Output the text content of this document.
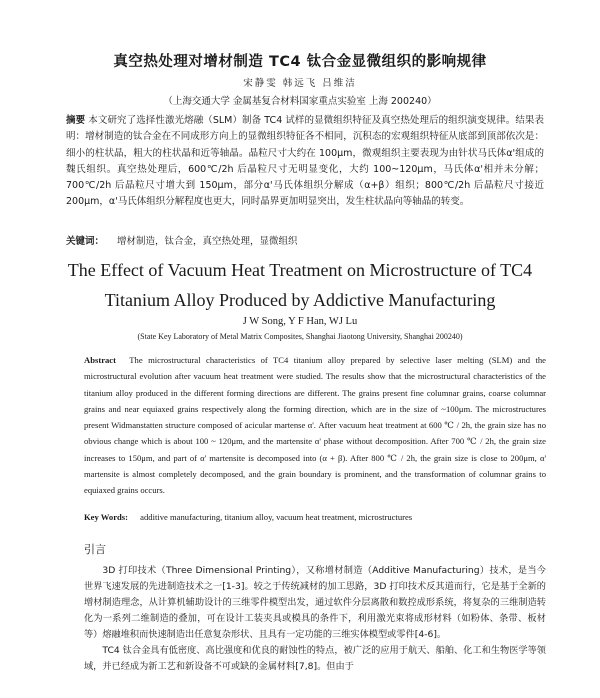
真空热处理对增材制造 TC4 钛合金显微组织的影响规律
宋静雯 韩远飞 吕维洁
（上海交通大学 金属基复合材料国家重点实验室 上海 200240）
摘要 本文研究了选择性激光熔融（SLM）制备 TC4 试样的显微组织特征及真空热处理后的组织演变规律。结果表明：增材制造的钛合金在不同成形方向上的显微组织特征各不相同，沉积态的宏观组织特征从底部到顶部依次是：细小的柱状晶，粗大的柱状晶和近等轴晶。晶粒尺寸大约在 100μm，微观组织主要表现为由针状马氏体α'组成的魏氏组织。真空热处理后，600℃/2h 后晶粒尺寸无明显变化，大约 100~120μm，马氏体α'相并未分解；700℃/2h 后晶粒尺寸增大到 150μm，部分α'马氏体组织分解成（α+β）组织；800℃/2h 后晶粒尺寸接近 200μm，α'马氏体组织分解程度也更大，同时晶界更加明显突出，发生柱状晶向等轴晶的转变。
关键词： 增材制造，钛合金，真空热处理，显微组织
The Effect of Vacuum Heat Treatment on Microstructure of TC4
Titanium Alloy Produced by Addictive Manufacturing
J W Song, Y F Han, WJ Lu
(State Key Laboratory of Metal Matrix Composites, Shanghai Jiaotong University, Shanghai 200240)
Abstract The microstructural characteristics of TC4 titanium alloy prepared by selective laser melting (SLM) and the microstructural evolution after vacuum heat treatment were studied. The results show that the microstructural characteristics of the titanium alloy produced in the different forming directions are different. The grains present fine columnar grains, coarse columnar grains and near equiaxed grains respectively along the forming direction, which are in the size of ~100μm. The microstructures present Widmanstatten structure composed of acicular martense α'. After vacuum heat treatment at 600 ℃ / 2h, the grain size has no obvious change which is about 100 ~ 120μm, and the martensite α' phase without decomposition. After 700 ℃ / 2h, the grain size increases to 150μm, and part of α' martensite is decomposed into (α + β). After 800 ℃ / 2h, the grain size is close to 200μm, α' martensite is almost completely decomposed, and the grain boundary is prominent, and the transformation of columnar grains to equiaxed grains occurs.
Key Words: additive manufacturing, titanium alloy, vacuum heat treatment, microstructures
引言

3D 打印技术（Three Dimensional Printing），又称增材制造（Additive Manufacturing）技术，是当今世界飞速发展的先进制造技术之一[1-3]。较之于传统减材的加工思路，3D 打印技术反其道而行，它是基于全新的增材制造理念，从计算机辅助设计的三维零件模型出发，通过软件分层离散和数控成形系统，将复杂的三维制造转化为一系列二维制造的叠加，可在设计工装夹具或模具的条件下，利用激光束将成形材料（如粉体、条带、板材等）熔融堆积而快速制造出任意复杂形状、且具有一定功能的三维实体模型或零件[4-6]。

TC4 钛合金具有低密度、高比强度和优良的耐蚀性的特点，被广泛的应用于航天、船舶、化工和生物医学等领域，并已经成为新工艺和新设备不可或缺的金属材料[7,8]。但由于
